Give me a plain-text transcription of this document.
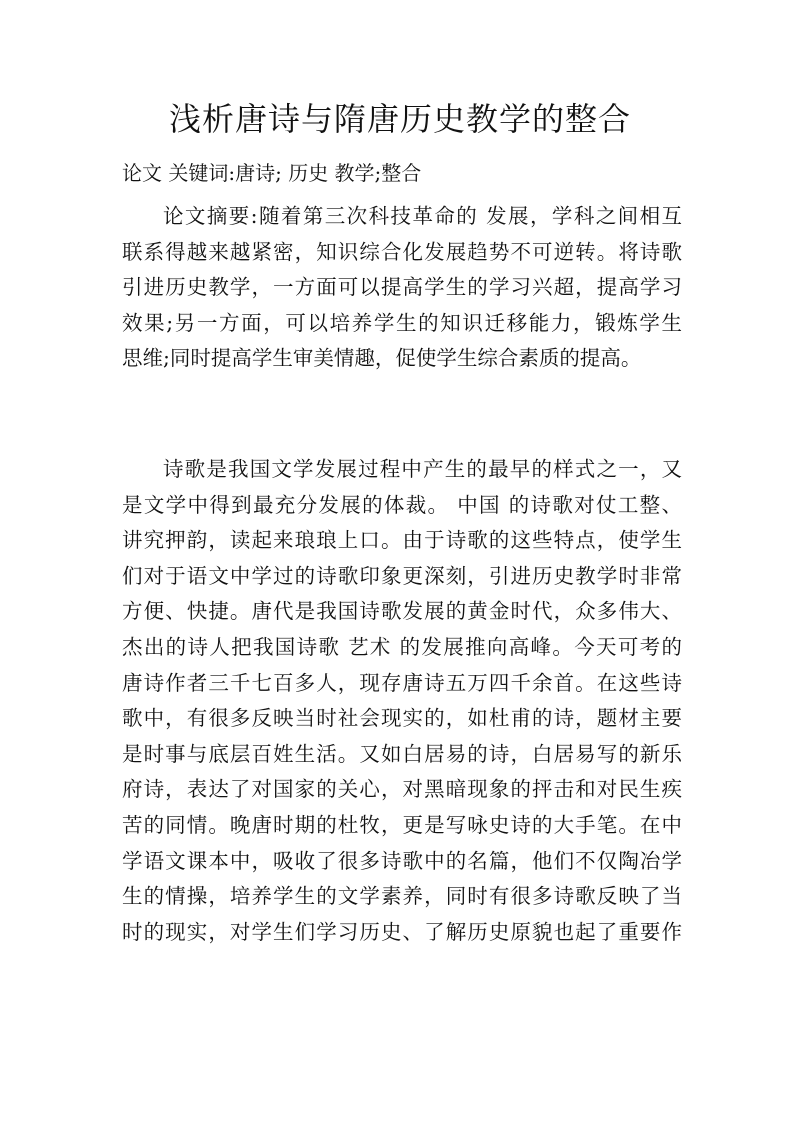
浅析唐诗与隋唐历史教学的整合

论文 关键词:唐诗; 历史 教学;整合

论文摘要:随着第三次科技革命的 发展，学科之间相互
联系得越来越紧密，知识综合化发展趋势不可逆转。将诗歌
引进历史教学，一方面可以提高学生的学习兴超，提高学习
效果;另一方面，可以培养学生的知识迁移能力，锻炼学生
思维;同时提高学生审美情趣，促使学生综合素质的提高。
诗歌是我国文学发展过程中产生的最早的样式之一，又
是文学中得到最充分发展的体裁。 中国 的诗歌对仗工整、
讲究押韵，读起来琅琅上口。由于诗歌的这些特点，使学生
们对于语文中学过的诗歌印象更深刻，引进历史教学时非常
方便、快捷。唐代是我国诗歌发展的黄金时代，众多伟大、
杰出的诗人把我国诗歌 艺术 的发展推向高峰。今天可考的
唐诗作者三千七百多人，现存唐诗五万四千余首。在这些诗
歌中，有很多反映当时社会现实的，如杜甫的诗，题材主要
是时事与底层百姓生活。又如白居易的诗，白居易写的新乐
府诗，表达了对国家的关心，对黑暗现象的抨击和对民生疾
苦的同情。晚唐时期的杜牧，更是写咏史诗的大手笔。在中
学语文课本中，吸收了很多诗歌中的名篇，他们不仅陶冶学
生的情操，培养学生的文学素养，同时有很多诗歌反映了当
时的现实，对学生们学习历史、了解历史原貌也起了重要作
